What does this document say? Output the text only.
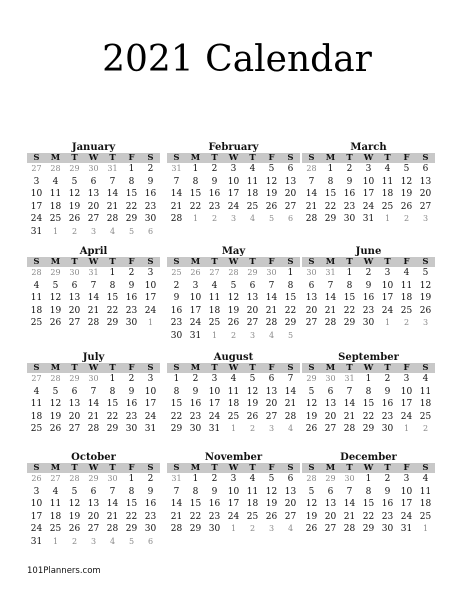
2021 Calendar
January
S	M	T	W	T	F	S
27	28	29	30	31	1	2
3	4	5	6	7	8	9
10 11 12 13 14 15 16
17 18 19 20 21 22 23
24 25 26 27 28 29 30
31	1	2	3	4	5	6
February
S	M	T	W	T	F	S
31	1	2	3	4	5	6
7	8	9	10 11 12 13
14 15 16 17 18 19 20
21 22 23 24 25 26 27
28	1	2	3	4	5	6
March
S	M	T	W	T	F	S
28	1	2	3	4	5	6
7	8	9	10 11 12 13
14 15 16 17 18 19 20
21 22 23 24 25 26 27
28 29 30 31	1	2	3
April
S	M	T	W	T	F	S
28	29	30	31	1	2	3
4	5	6	7	8	9	10
11 12 13 14 15 16 17
18 19 20 21 22 23 24
25 26 27 28 29 30	1
May
S	M	T	W	T	F	S
25	26	27	28	29	30	1
2	3	4	5	6	7	8
9	10 11 12 13 14 15
16 17 18 19 20 21 22
23 24 25 26 27 28 29
30 31	1	2	3	4	5
June
S	M	T	W	T	F	S
30	31	1	2	3	4	5
6	7	8	9	10 11 12
13 14 15 16 17 18 19
20 21 22 23 24 25 26
27 28 29 30	1	2	3
July
S	M	T	W	T	F	S
27	28	29	30	1	2	3
4	5	6	7	8	9	10
11 12 13 14 15 16 17
18 19 20 21 22 23 24
25 26 27 28 29 30 31
August
S	M	T	W	T	F	S
1	2	3	4	5	6	7
8	9	10 11 12 13 14
15 16 17 18 19 20 21
22 23 24 25 26 27 28
29 30 31	1	2	3	4
September
S	M	T	W	T	F	S
29	30	31	1	2	3	4
5	6	7	8	9	10 11
12 13 14 15 16 17 18
19 20 21 22 23 24 25
26 27 28 29 30	1	2
October
S	M	T	W	T	F	S
26	27	28	29	30	1	2
3	4	5	6	7	8	9
10 11 12 13 14 15 16
17 18 19 20 21 22 23
24 25 26 27 28 29 30
31	1	2	3	4	5	6
November
S	M	T	W	T	F	S
31	1	2	3	4	5	6
7	8	9	10 11 12 13
14 15 16 17 18 19 20
21 22 23 24 25 26 27
28 29 30	1	2	3	4
December
S	M	T	W	T	F	S
28	29	30	1	2	3	4
5	6	7	8	9	10 11
12 13 14 15 16 17 18
19 20 21 22 23 24 25
26 27 28 29 30 31	1
101Planners.com
